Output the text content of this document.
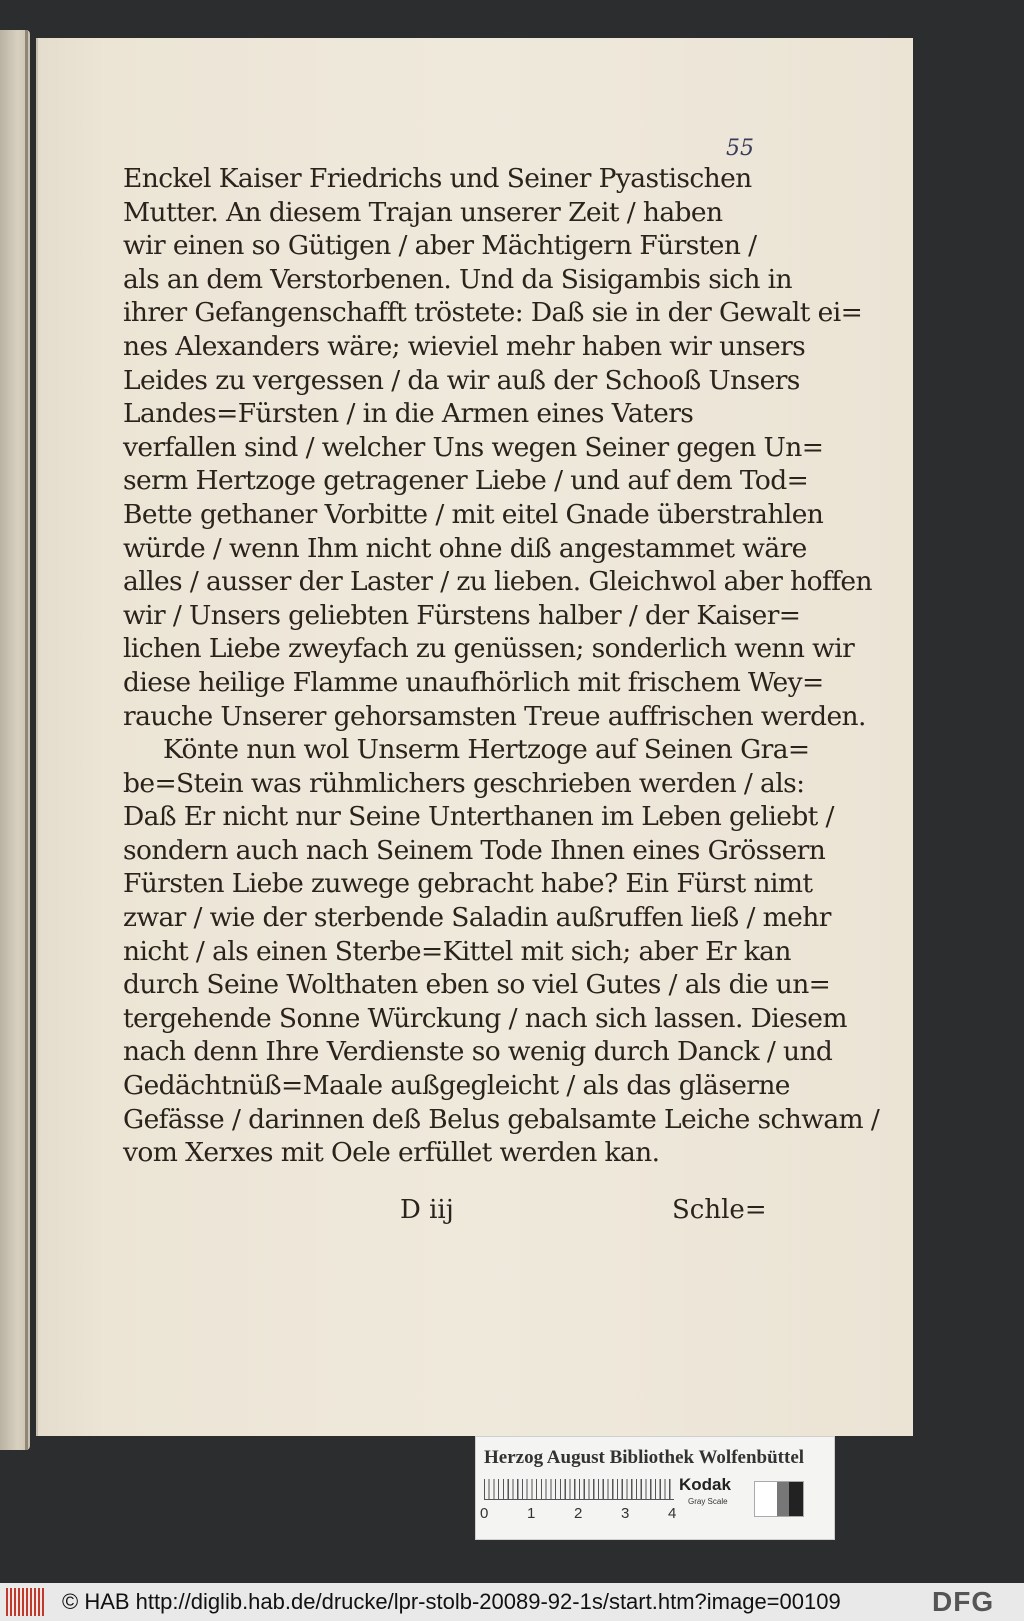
55
Enckel Kaiser Friedrichs und Seiner Pyastischen
Mutter. An diesem Trajan unserer Zeit / haben
wir einen so Gütigen / aber Mächtigern Fürsten /
als an dem Verstorbenen. Und da Sisigambis sich in
ihrer Gefangenschafft tröstete: Daß sie in der Gewalt ei=
nes Alexanders wäre; wieviel mehr haben wir unsers
Leides zu vergessen / da wir auß der Schooß Unsers
Landes=Fürsten / in die Armen eines Vaters
verfallen sind / welcher Uns wegen Seiner gegen Un=
serm Hertzoge getragener Liebe / und auf dem Tod=
Bette gethaner Vorbitte / mit eitel Gnade überstrahlen
würde / wenn Ihm nicht ohne diß angestammet wäre
alles / ausser der Laster / zu lieben. Gleichwol aber hoffen
wir / Unsers geliebten Fürstens halber / der Kaiser=
lichen Liebe zweyfach zu genüssen; sonderlich wenn wir
diese heilige Flamme unaufhörlich mit frischem Wey=
rauche Unserer gehorsamsten Treue auffrischen werden.
Könte nun wol Unserm Hertzoge auf Seinen Gra=
be=Stein was rühmlichers geschrieben werden / als:
Daß Er nicht nur Seine Unterthanen im Leben geliebt /
sondern auch nach Seinem Tode Ihnen eines Grössern
Fürsten Liebe zuwege gebracht habe? Ein Fürst nimt
zwar / wie der sterbende Saladin außruffen ließ / mehr
nicht / als einen Sterbe=Kittel mit sich; aber Er kan
durch Seine Wolthaten eben so viel Gutes / als die un=
tergehende Sonne Würckung / nach sich lassen. Diesem
nach denn Ihre Verdienste so wenig durch Danck / und
Gedächtnüß=Maale außgegleicht / als das gläserne
Gefässe / darinnen deß Belus gebalsamte Leiche schwam /
vom Xerxes mit Oele erfüllet werden kan.
D iij	Schle=
Herzog August Bibliothek Wolfenbüttel
0	1	2	3	4
Kodak
Gray Scale
© HAB http://diglib.hab.de/drucke/lpr-stolb-20089-92-1s/start.htm?image=00109	DFG
